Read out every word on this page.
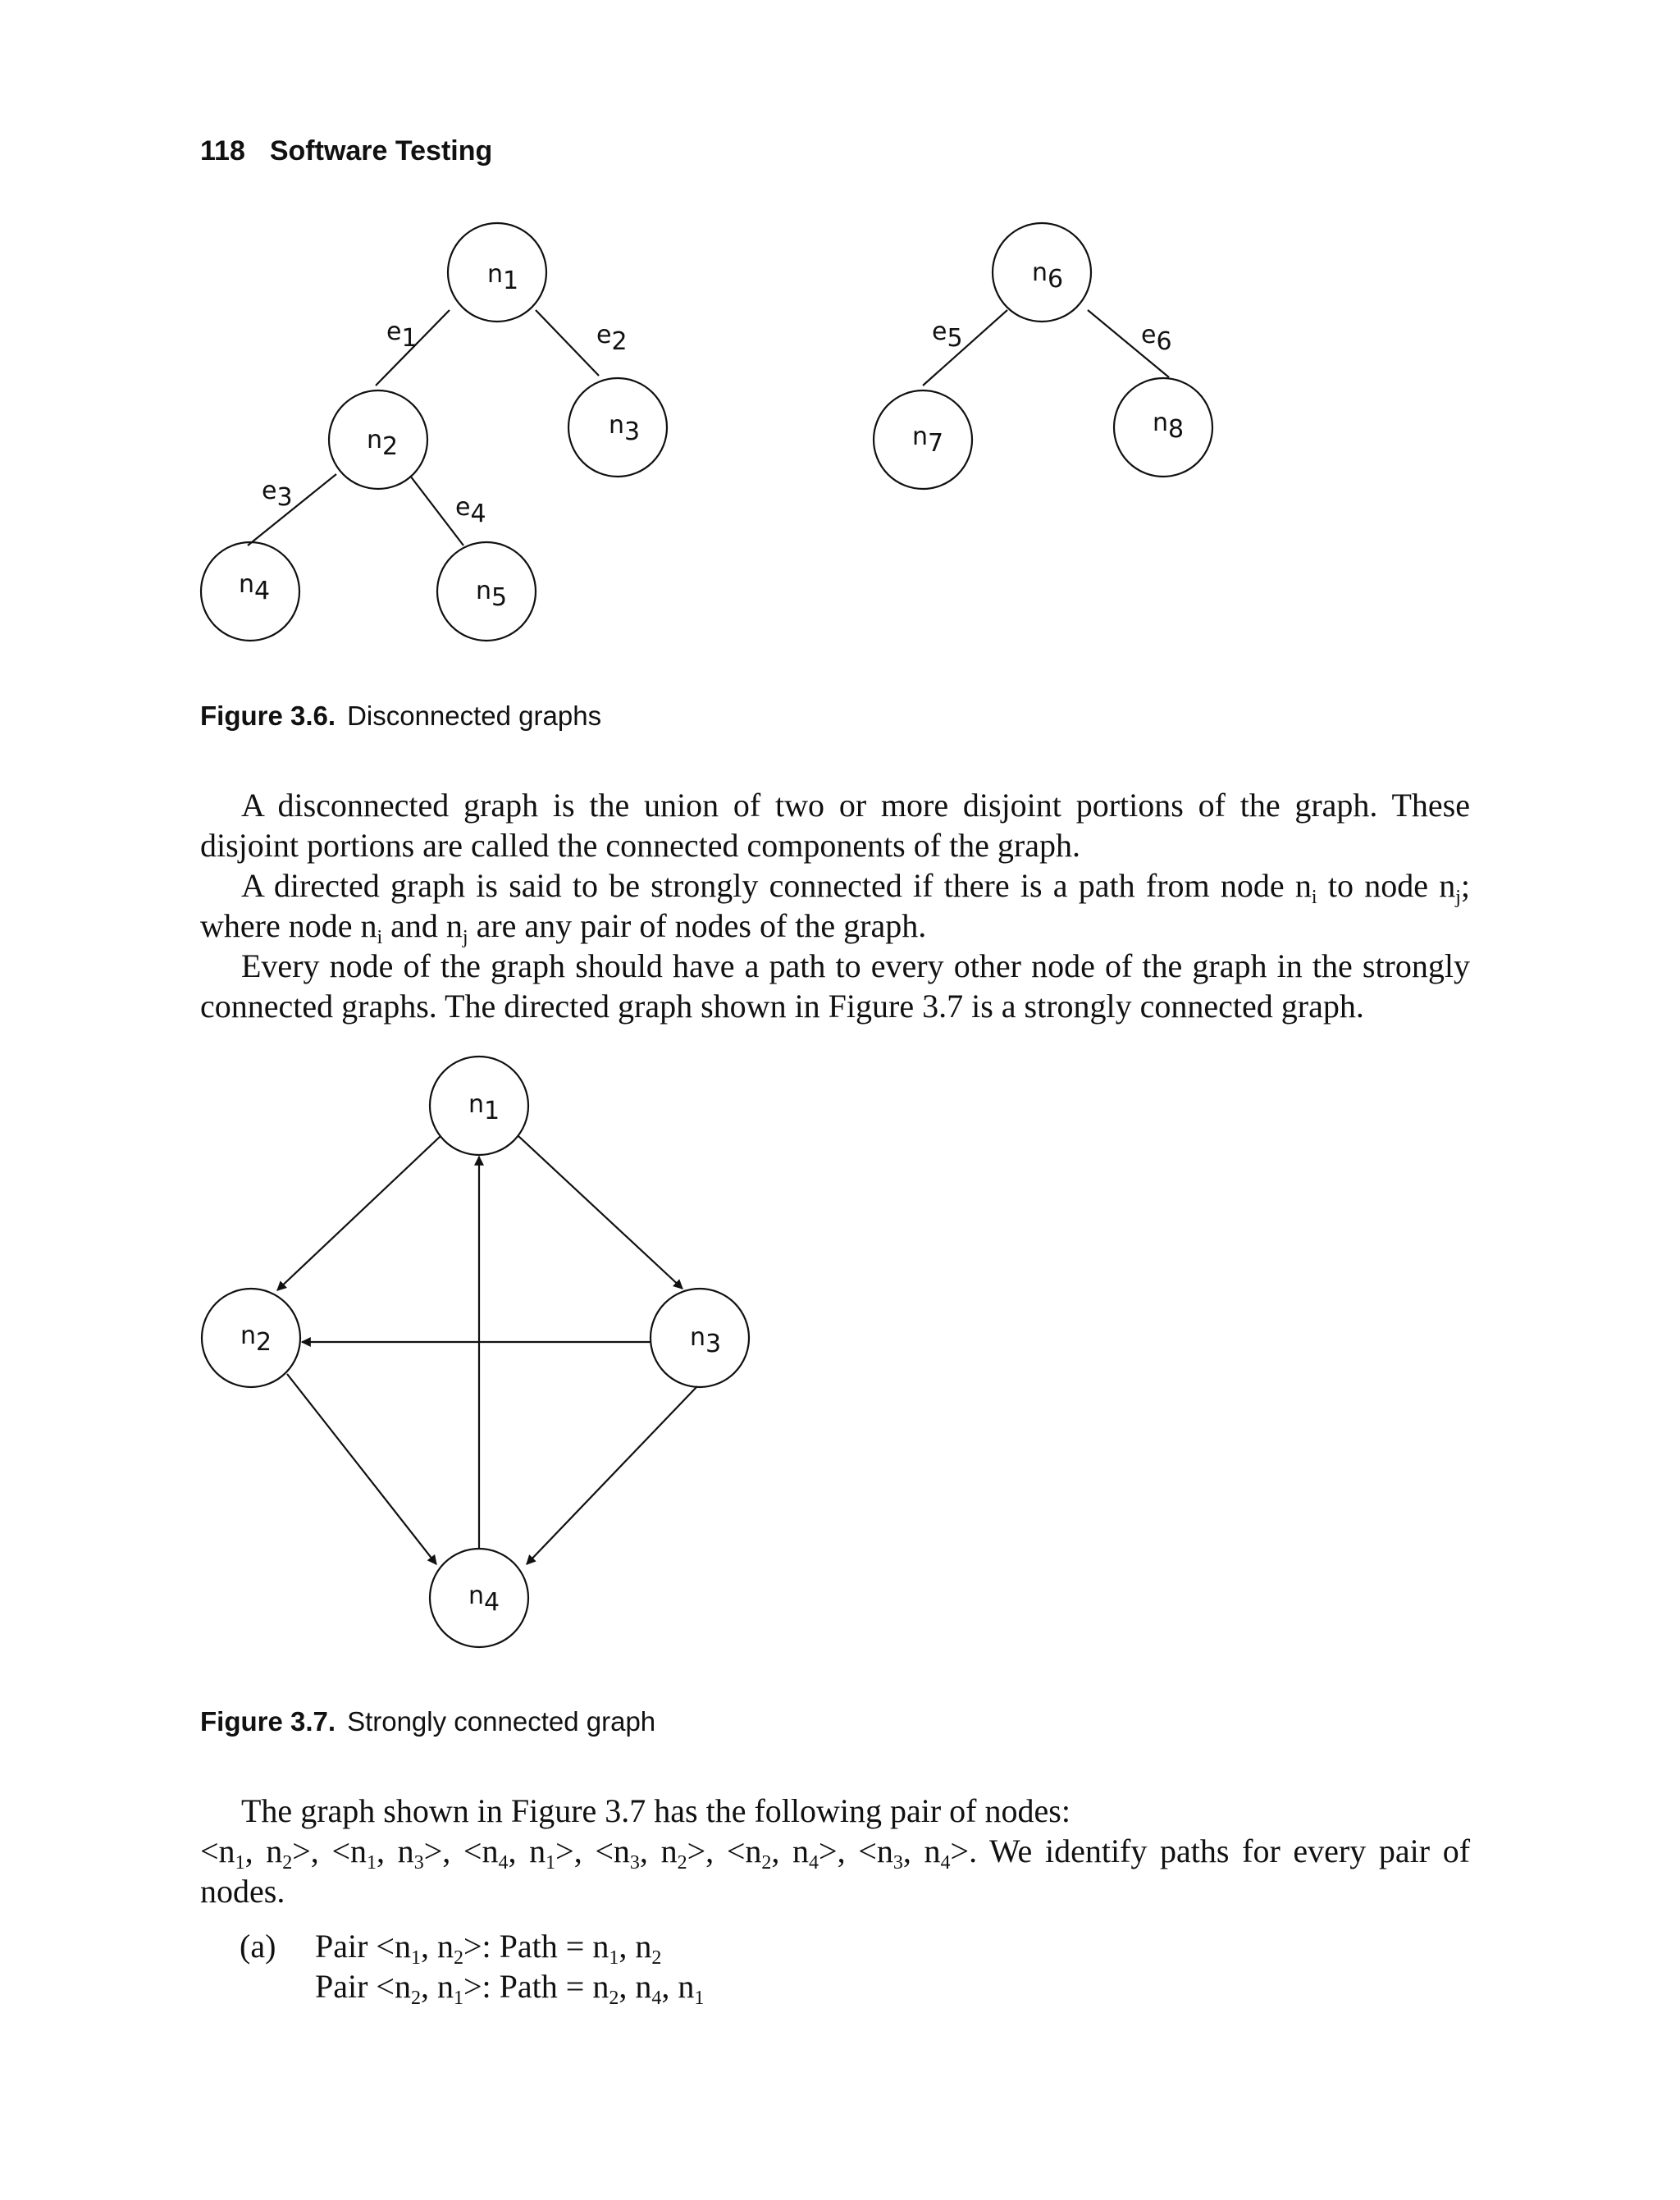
118 Software Testing
n1
n2
n3
n4	n5
n6
n7
n8
e1	e2
e3	e4
e5	e6
Figure 3.6. Disconnected graphs

A disconnected graph is the union of two or more disjoint portions of the graph. These disjoint portions are called the connected components of the graph.

A directed graph is said to be strongly connected if there is a path from node $n_i$ to node $n_j$; where node $n_i$ and $n_j$ are any pair of nodes of the graph.

Every node of the graph should have a path to every other node of the graph in the strongly connected graphs. The directed graph shown in Figure 3.7 is a strongly connected graph.

n1
n2	n3
n4
Figure 3.7. Strongly connected graph

The graph shown in Figure 3.7 has the following pair of nodes:

$<n_1$, $n_2>$, $<n_1$, $n_3>$, $<n_4$, $n_1>$, $<n_3$, $n_2>$, $<n_2$, $n_4>$, $<n_3$, $n_4>$. We identify paths for every pair of nodes.

(a)	Pair $<n_1$, $n_2>$: Path = $n_1$, $n_2$
Pair $<n_2$, $n_1>$: Path = $n_2$, $n_4$, $n_1$
